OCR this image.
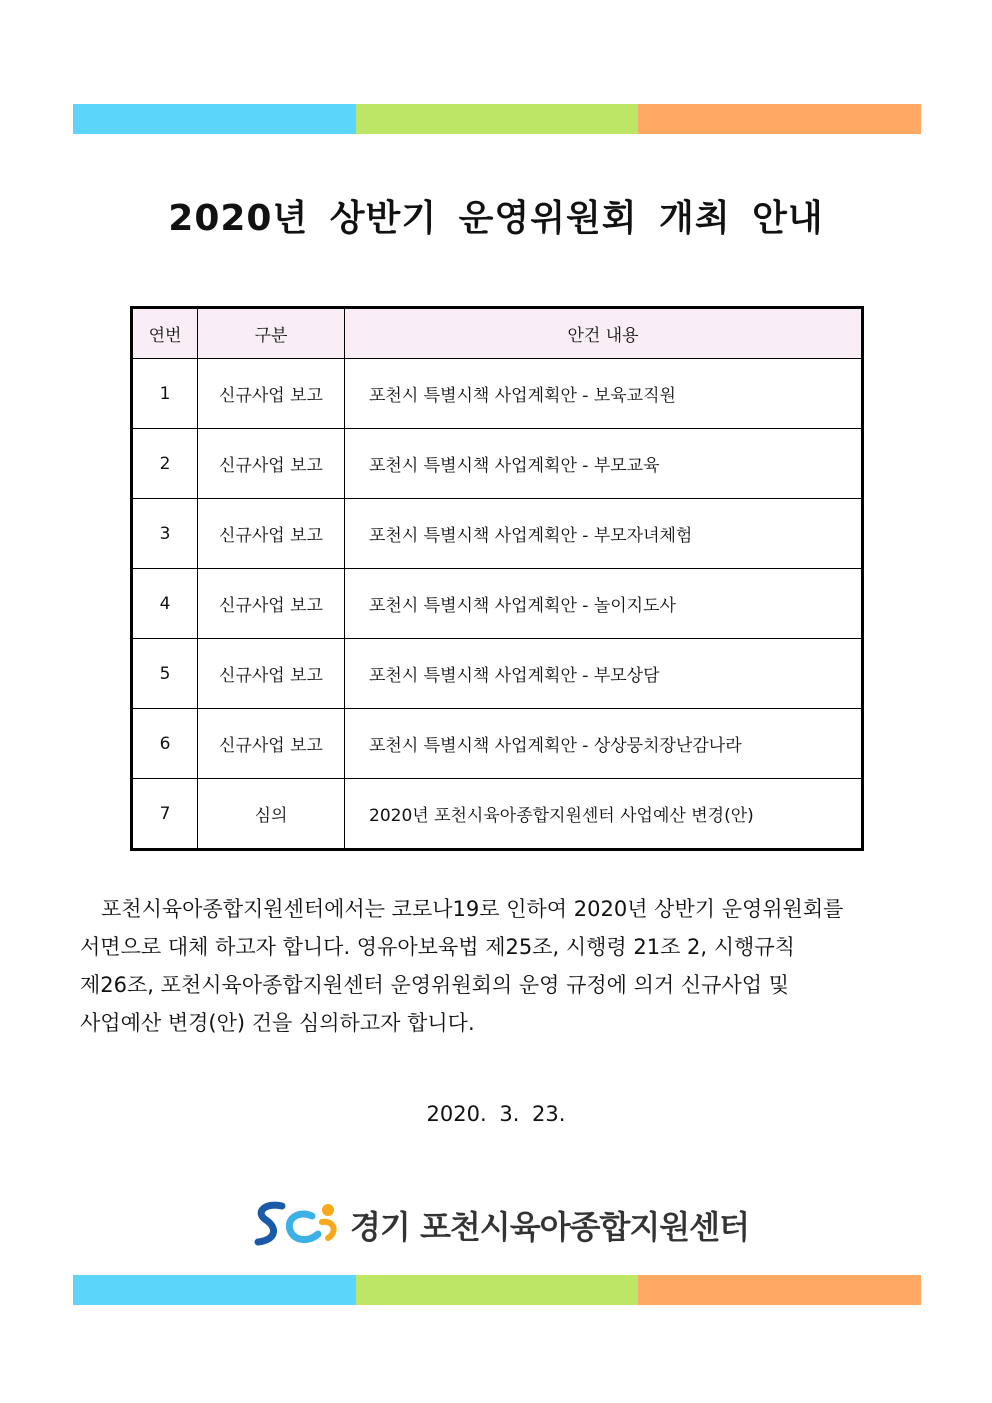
2020년 상반기 운영위원회 개최 안내
연번	구분	안건 내용
1	신규사업 보고	포천시 특별시책 사업계획안 - 보육교직원
2	신규사업 보고	포천시 특별시책 사업계획안 - 부모교육
3	신규사업 보고	포천시 특별시책 사업계획안 - 부모자녀체험
4	신규사업 보고	포천시 특별시책 사업계획안 - 놀이지도사
5	신규사업 보고	포천시 특별시책 사업계획안 - 부모상담
6	신규사업 보고	포천시 특별시책 사업계획안 - 상상뭉치장난감나라
7	심의	2020년 포천시육아종합지원센터 사업예산 변경(안)
포천시육아종합지원센터에서는 코로나19로 인하여 2020년 상반기 운영위원회를
서면으로 대체 하고자 합니다. 영유아보육법 제25조, 시행령 21조 2, 시행규칙
제26조, 포천시육아종합지원센터 운영위원회의 운영 규정에 의거 신규사업 및
사업예산 변경(안) 건을 심의하고자 합니다.
2020. 3. 23.
경기 포천시육아종합지원센터
